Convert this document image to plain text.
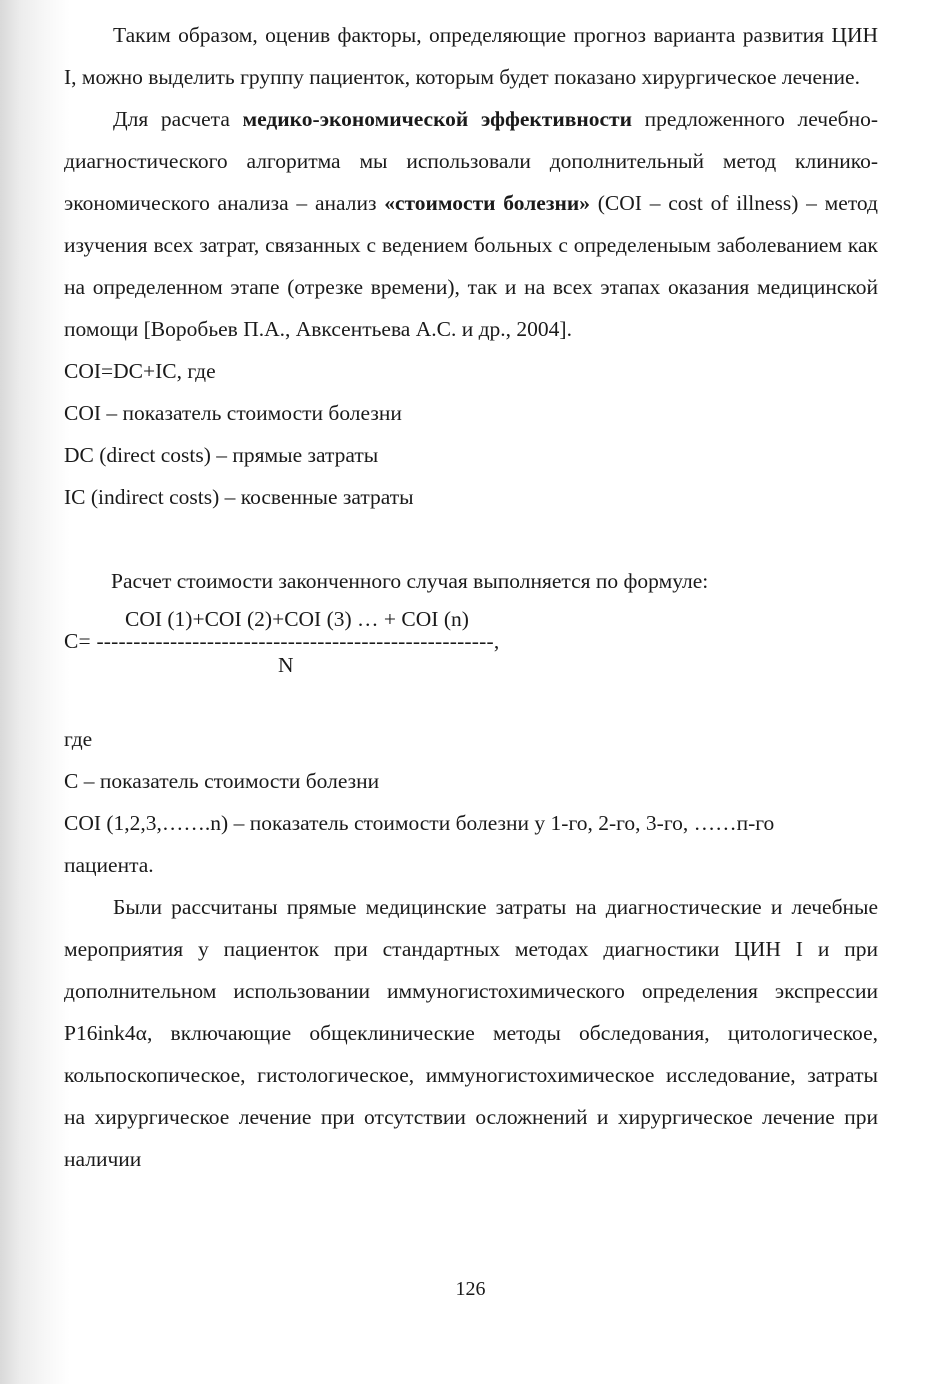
Таким образом, оценив факторы, определяющие прогноз варианта развития ЦИН I, можно выделить группу пациенток, которым будет показано хирургическое лечение.

Для расчета медико-экономической эффективности предложенного лечебно-диагностического алгоритма мы использовали дополнительный метод клинико-экономического анализа – анализ «стоимости болезни» (COI – cost of illness) – метод изучения всех затрат, связанных с ведением больных с определеныым заболеванием как на определенном этапе (отрезке времени), так и на всех этапах оказания медицинской помощи [Воробьев П.А., Авксентьева А.С. и др., 2004].

COI=DC+IC, где

COI – показатель стоимости болезни

DC (direct costs) – прямые затраты

IC (indirect costs) – косвенные затраты

Расчет стоимости законченного случая выполняется по формуле:

COI (1)+COI (2)+COI (3) … + COI (n)
C= ------------------------------------------------------,
N

где

C – показатель стоимости болезни

COI (1,2,3,…….n) – показатель стоимости болезни у 1-го, 2-го, 3-го, ……п-го

пациента.

Были рассчитаны прямые медицинские затраты на диагностические и лечебные мероприятия у пациенток при стандартных методах диагностики ЦИН I и при дополнительном использовании иммуногистохимического определения экспрессии P16ink4α, включающие общеклинические методы обследования, цитологическое, кольпоскопическое, гистологическое, иммуногистохимическое исследование, затраты на хирургическое лечение при отсутствии осложнений и хирургическое лечение при наличии

126
